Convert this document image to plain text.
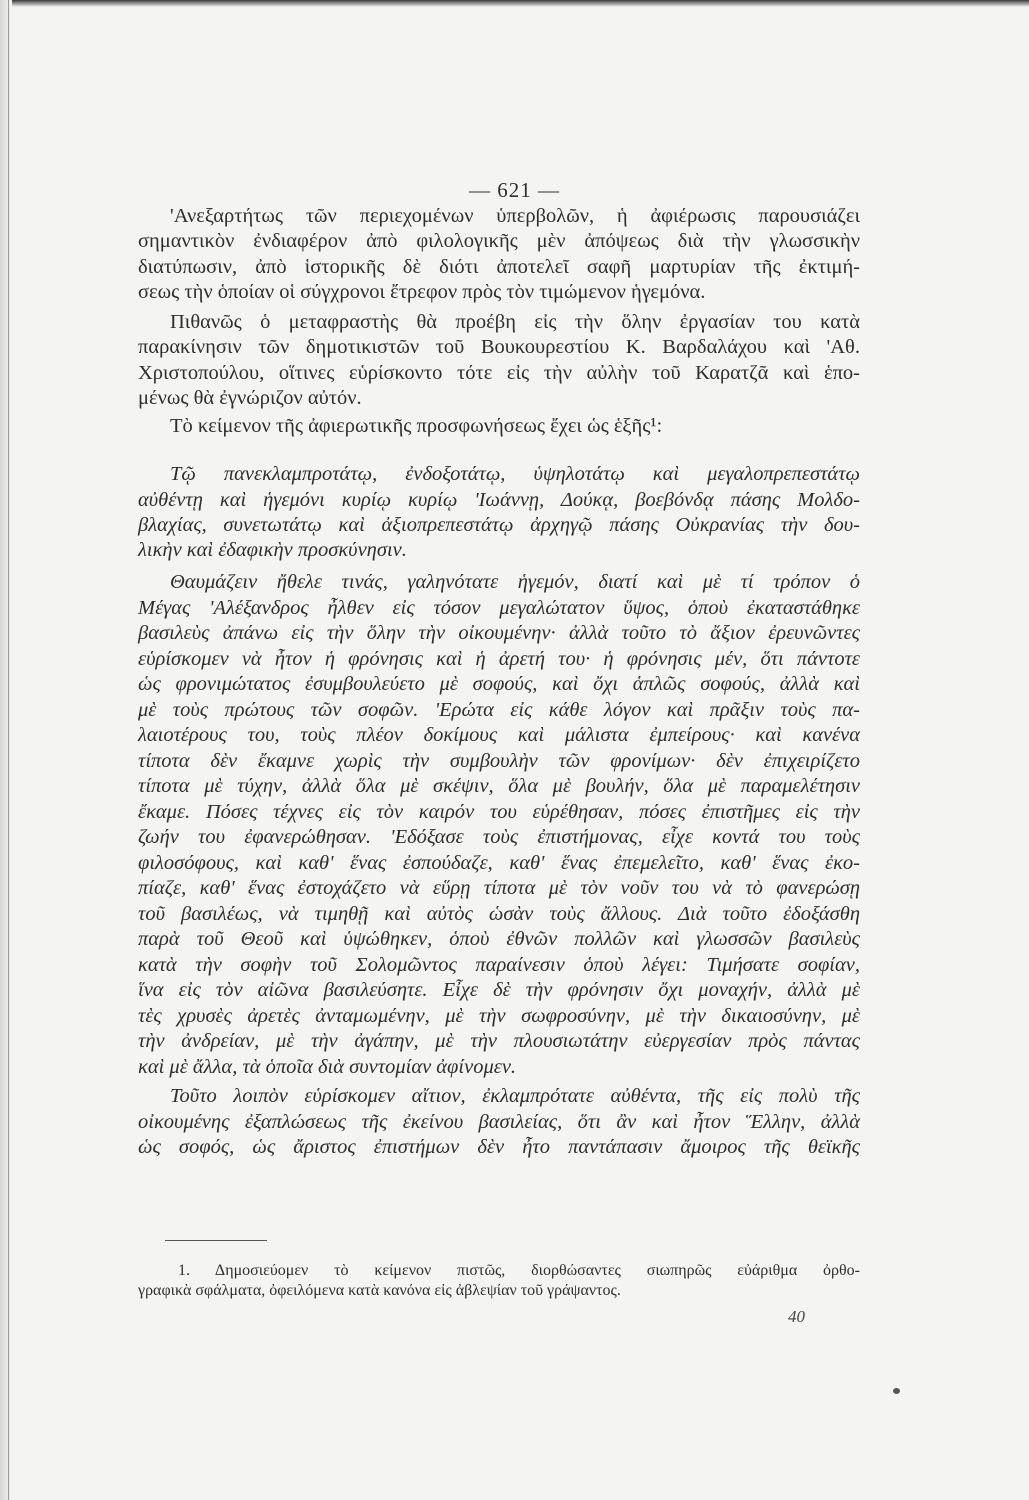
— 621 —
'Ανεξαρτήτως τῶν περιεχομένων ὑπερβολῶν, ἡ ἀφιέρωσις παρουσιάζει
σημαντικὸν ἐνδιαφέρον ἀπὸ φιλολογικῆς μὲν ἀπόψεως διὰ τὴν γλωσσικὴν
διατύπωσιν, ἀπὸ ἱστορικῆς δὲ διότι ἀποτελεῖ σαφῆ μαρτυρίαν τῆς ἐκτιμή-
σεως τὴν ὁποίαν οἱ σύγχρονοι ἔτρεφον πρὸς τὸν τιμώμενον ἡγεμόνα.
Πιθανῶς ὁ μεταφραστὴς θὰ προέβη εἰς τὴν ὅλην ἐργασίαν του κατὰ
παρακίνησιν τῶν δημοτικιστῶν τοῦ Βουκουρεστίου Κ. Βαρδαλάχου καὶ 'Αθ.
Χριστοπούλου, οἵτινες εὑρίσκοντο τότε εἰς τὴν αὐλὴν τοῦ Καρατζᾶ καὶ ἑπο-
μένως θὰ ἐγνώριζον αὐτόν.
Τὸ κείμενον τῆς ἀφιερωτικῆς προσφωνήσεως ἔχει ὡς ἑξῆς¹:
Τῷ πανεκλαμπροτάτῳ, ἐνδοξοτάτῳ, ὑψηλοτάτῳ καὶ μεγαλοπρεπεστάτῳ
αὐθέντῃ καὶ ἡγεμόνι κυρίῳ κυρίῳ 'Ιωάννῃ, Δούκᾳ, βοεβόνδᾳ πάσης Μολδο-
βλαχίας, συνετωτάτῳ καὶ ἀξιοπρεπεστάτῳ ἀρχηγῷ πάσης Οὐκρανίας τὴν δου-
λικὴν καὶ ἐδαφικὴν προσκύνησιν.
Θαυμάζειν ἤθελε τινάς, γαληνότατε ἡγεμόν, διατί καὶ μὲ τί τρόπον ὁ
Μέγας 'Αλέξανδρος ἦλθεν εἰς τόσον μεγαλώτατον ὕψος, ὁποὺ ἐκαταστάθηκε
βασιλεὺς ἀπάνω εἰς τὴν ὅλην τὴν οἰκουμένην· ἀλλὰ τοῦτο τὸ ἄξιον ἐρευνῶντες
εὑρίσκομεν νὰ ἦτον ἡ φρόνησις καὶ ἡ ἀρετή του· ἡ φρόνησις μέν, ὅτι πάντοτε
ὡς φρονιμώτατος ἐσυμβουλεύετο μὲ σοφούς, καὶ ὄχι ἁπλῶς σοφούς, ἀλλὰ καὶ
μὲ τοὺς πρώτους τῶν σοφῶν. 'Ερώτα εἰς κάθε λόγον καὶ πρᾶξιν τοὺς πα-
λαιοτέρους του, τοὺς πλέον δοκίμους καὶ μάλιστα ἐμπείρους· καὶ κανένα
τίποτα δὲν ἔκαμνε χωρὶς τὴν συμβουλὴν τῶν φρονίμων· δὲν ἐπιχειρίζετο
τίποτα μὲ τύχην, ἀλλὰ ὅλα μὲ σκέψιν, ὅλα μὲ βουλήν, ὅλα μὲ παραμελέτησιν
ἔκαμε. Πόσες τέχνες εἰς τὸν καιρόν του εὑρέθησαν, πόσες ἐπιστῆμες εἰς τὴν
ζωήν του ἐφανερώθησαν. 'Εδόξασε τοὺς ἐπιστήμονας, εἶχε κοντά του τοὺς
φιλοσόφους, καὶ καθ' ἕνας ἐσπούδαζε, καθ' ἕνας ἐπεμελεῖτο, καθ' ἕνας ἐκο-
πίαζε, καθ' ἕνας ἐστοχάζετο νὰ εὕρῃ τίποτα μὲ τὸν νοῦν του νὰ τὸ φανερώσῃ
τοῦ βασιλέως, νὰ τιμηθῇ καὶ αὐτὸς ὡσὰν τοὺς ἄλλους. Διὰ τοῦτο ἐδοξάσθη
παρὰ τοῦ Θεοῦ καὶ ὑψώθηκεν, ὁποὺ ἐθνῶν πολλῶν καὶ γλωσσῶν βασιλεὺς
κατὰ τὴν σοφὴν τοῦ Σολομῶντος παραίνεσιν ὁποὺ λέγει: Τιμήσατε σοφίαν,
ἵνα εἰς τὸν αἰῶνα βασιλεύσητε. Εἶχε δὲ τὴν φρόνησιν ὄχι μοναχήν, ἀλλὰ μὲ
τὲς χρυσὲς ἀρετὲς ἀνταμωμένην, μὲ τὴν σωφροσύνην, μὲ τὴν δικαιοσύνην, μὲ
τὴν ἀνδρείαν, μὲ τὴν ἀγάπην, μὲ τὴν πλουσιωτάτην εὐεργεσίαν πρὸς πάντας
καὶ μὲ ἄλλα, τὰ ὁποῖα διὰ συντομίαν ἀφίνομεν.
Τοῦτο λοιπὸν εὑρίσκομεν αἴτιον, ἐκλαμπρότατε αὐθέντα, τῆς εἰς πολὺ τῆς
οἰκουμένης ἐξαπλώσεως τῆς ἐκείνου βασιλείας, ὅτι ἂν καὶ ἦτον Ἕλλην, ἀλλὰ
ὡς σοφός, ὡς ἄριστος ἐπιστήμων δὲν ἦτο παντάπασιν ἄμοιρος τῆς θεϊκῆς
1. Δημοσιεύομεν τὸ κείμενον πιστῶς, διορθώσαντες σιωπηρῶς εὐάριθμα ὀρθο-
γραφικὰ σφάλματα, ὀφειλόμενα κατὰ κανόνα εἰς ἀβλεψίαν τοῦ γράψαντος.
40
